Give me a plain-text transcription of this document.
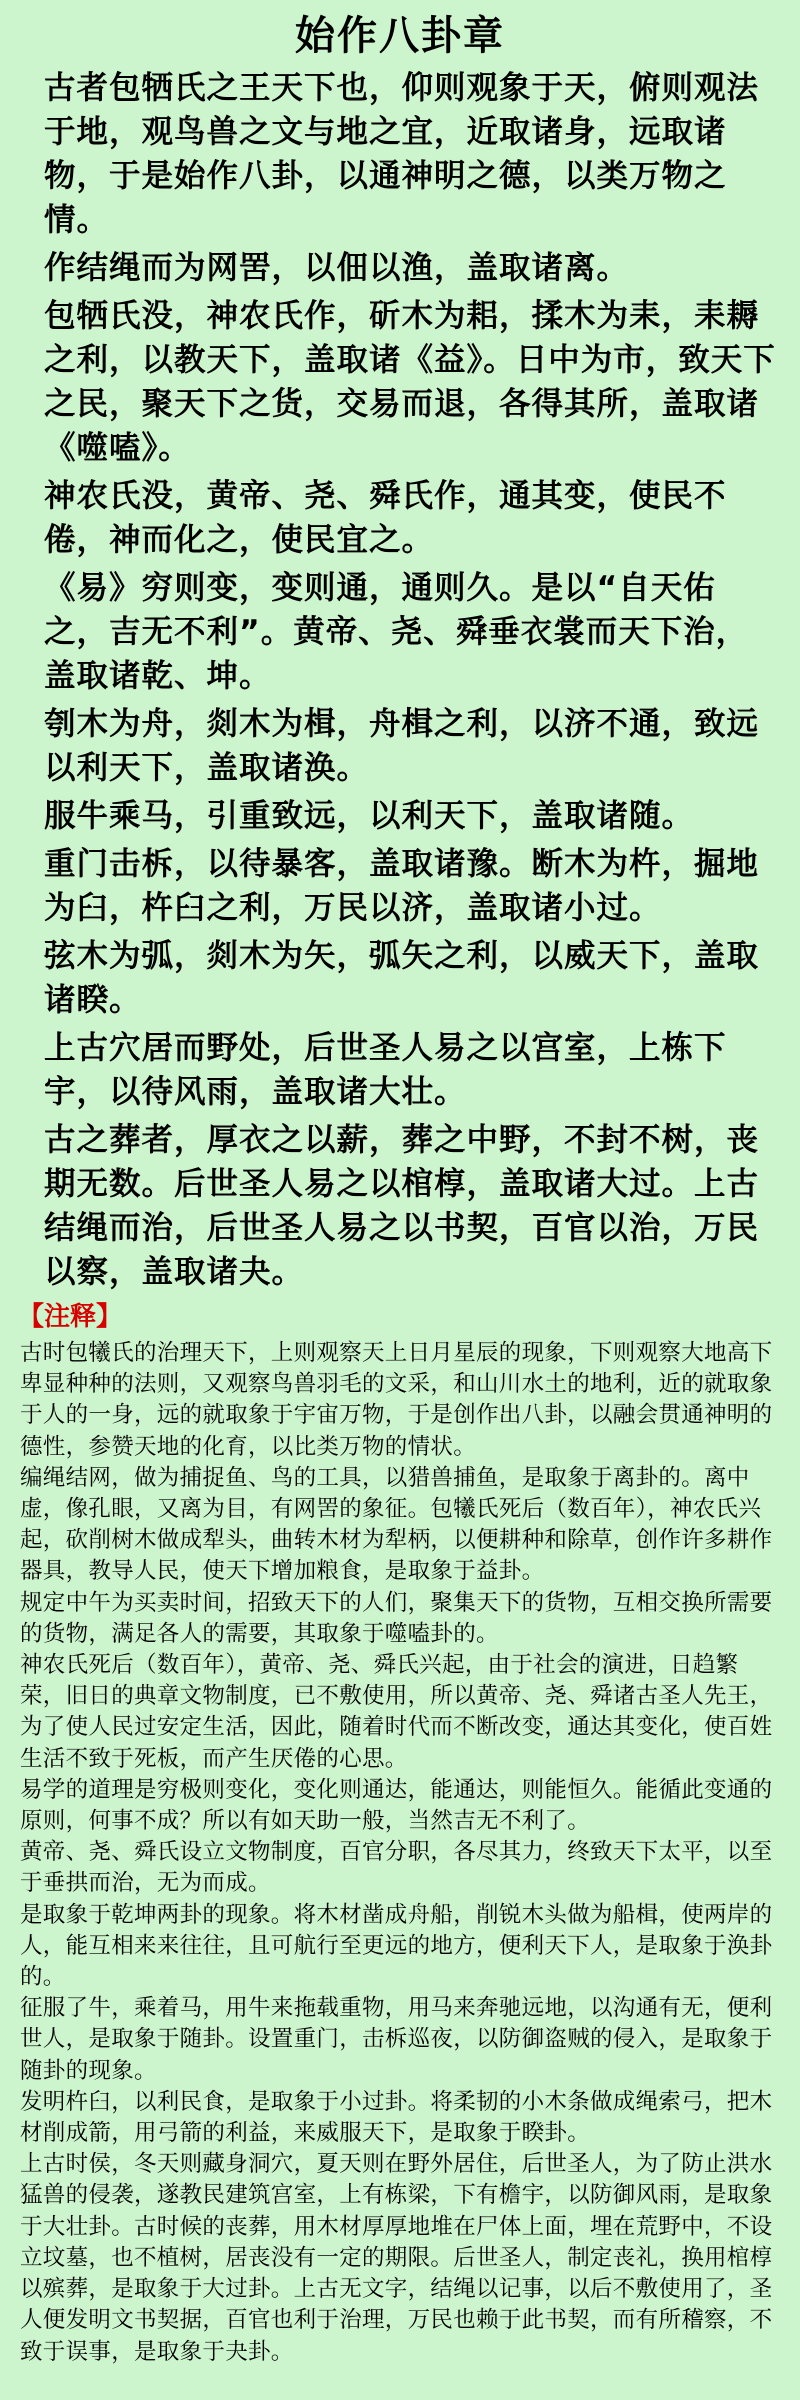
始作八卦章

古者包牺氏之王天下也，仰则观象于天，俯则观法于地，观鸟兽之文与地之宜，近取诸身，远取诸物，于是始作八卦，以通神明之德，以类万物之情。

作结绳而为网罟，以佃以渔，盖取诸离。

包牺氏没，神农氏作，斫木为耜，揉木为耒，耒耨之利，以教天下，盖取诸《益》。日中为市，致天下之民，聚天下之货，交易而退，各得其所，盖取诸《噬嗑》。

神农氏没，黄帝、尧、舜氏作，通其变，使民不倦，神而化之，使民宜之。

《易》穷则变，变则通，通则久。是以“自天佑之，吉无不利”。黄帝、尧、舜垂衣裳而天下治，盖取诸乾、坤。

刳木为舟，剡木为楫，舟楫之利，以济不通，致远以利天下，盖取诸涣。

服牛乘马，引重致远，以利天下，盖取诸随。

重门击柝，以待暴客，盖取诸豫。断木为杵，掘地为臼，杵臼之利，万民以济，盖取诸小过。

弦木为弧，剡木为矢，弧矢之利，以威天下，盖取诸睽。

上古穴居而野处，后世圣人易之以宫室，上栋下宇，以待风雨，盖取诸大壮。

古之葬者，厚衣之以薪，葬之中野，不封不树，丧期无数。后世圣人易之以棺椁，盖取诸大过。上古结绳而治，后世圣人易之以书契，百官以治，万民以察，盖取诸夬。

【注释】

古时包犧氏的治理天下，上则观察天上日月星辰的现象，下则观察大地高下卑显种种的法则，又观察鸟兽羽毛的文采，和山川水土的地利，近的就取象于人的一身，远的就取象于宇宙万物，于是创作出八卦，以融会贯通神明的德性，参赞天地的化育，以比类万物的情状。

编绳结网，做为捕捉鱼、鸟的工具，以猎兽捕鱼，是取象于离卦的。离中虚，像孔眼，又离为目，有网罟的象征。包犧氏死后（数百年），神农氏兴起，砍削树木做成犁头，曲转木材为犁柄，以便耕种和除草，创作许多耕作器具，教导人民，使天下增加粮食，是取象于益卦。

规定中午为买卖时间，招致天下的人们，聚集天下的货物，互相交换所需要的货物，满足各人的需要，其取象于噬嗑卦的。

神农氏死后（数百年），黄帝、尧、舜氏兴起，由于社会的演进，日趋繁荣，旧日的典章文物制度，已不敷使用，所以黄帝、尧、舜诸古圣人先王，为了使人民过安定生活，因此，随着时代而不断改变，通达其变化，使百姓生活不致于死板，而产生厌倦的心思。

易学的道理是穷极则变化，变化则通达，能通达，则能恒久。能循此变通的原则，何事不成？所以有如天助一般，当然吉无不利了。

黄帝、尧、舜氏设立文物制度，百官分职，各尽其力，终致天下太平，以至于垂拱而治，无为而成。

是取象于乾坤两卦的现象。将木材凿成舟船，削锐木头做为船楫，使两岸的人，能互相来来往往，且可航行至更远的地方，便利天下人，是取象于涣卦的。

征服了牛，乘着马，用牛来拖载重物，用马来奔驰远地，以沟通有无，便利世人，是取象于随卦。设置重门，击柝巡夜，以防御盗贼的侵入，是取象于随卦的现象。

发明杵臼，以利民食，是取象于小过卦。将柔韧的小木条做成绳索弓，把木材削成箭，用弓箭的利益，来威服天下，是取象于睽卦。

上古时侯，冬天则藏身洞穴，夏天则在野外居住，后世圣人，为了防止洪水猛兽的侵袭，遂教民建筑宫室，上有栋梁，下有檐宇，以防御风雨，是取象于大壮卦。古时候的丧葬，用木材厚厚地堆在尸体上面，埋在荒野中，不设立坟墓，也不植树，居丧没有一定的期限。后世圣人，制定丧礼，换用棺椁以殡葬，是取象于大过卦。上古无文字，结绳以记事，以后不敷使用了，圣人便发明文书契据，百官也利于治理，万民也赖于此书契，而有所稽察，不致于误事，是取象于夬卦。
